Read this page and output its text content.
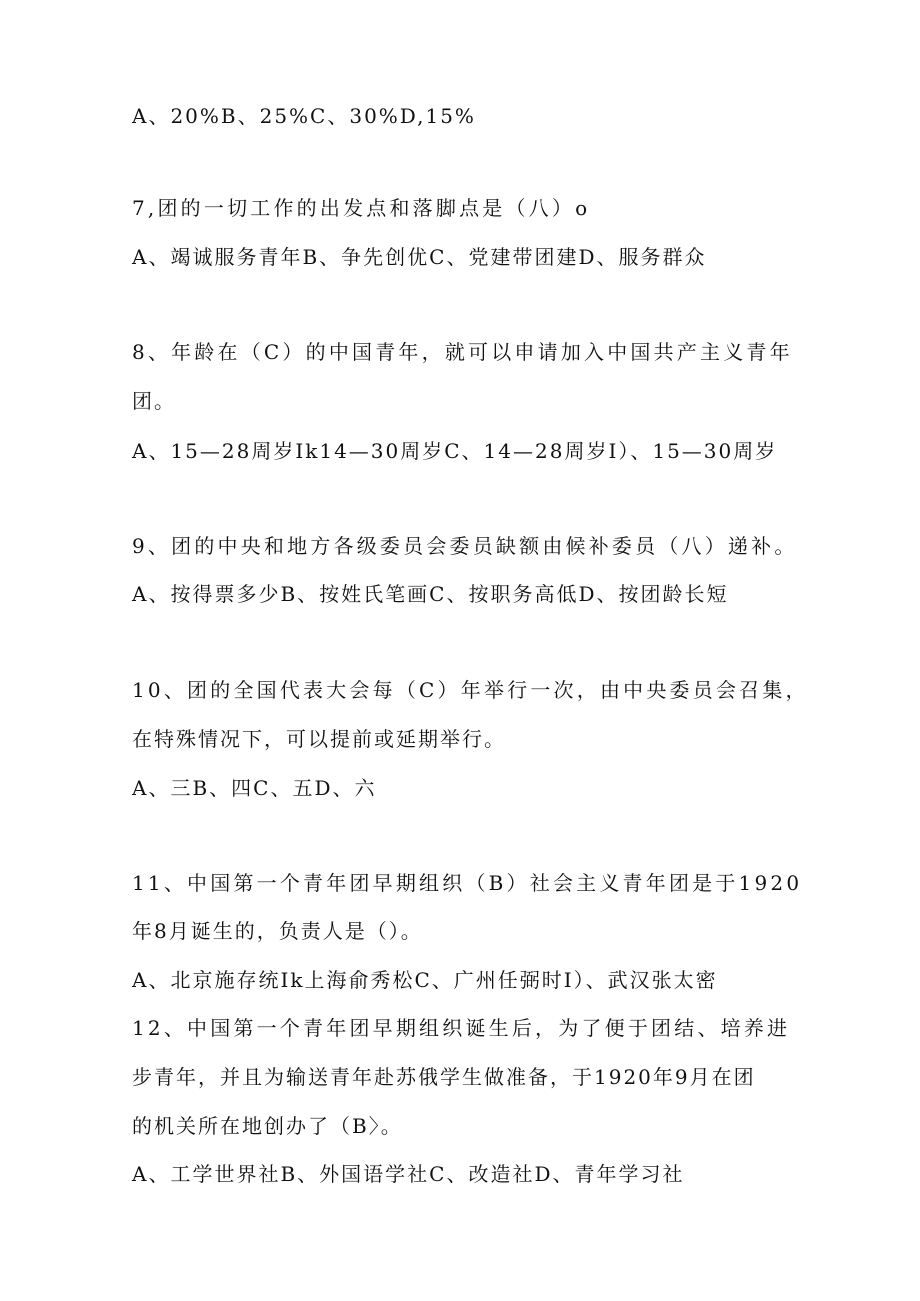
A、20%B、25%C、30%D,15%
7,团的一切工作的出发点和落脚点是（八）o
A、竭诚服务青年B、争先创优C、党建带团建D、服务群众
8、年龄在（C）的中国青年，就可以申请加入中国共产主义青年
团。
A、15—28周岁Ik14—30周岁C、14—28周岁I）、15—30周岁
9、团的中央和地方各级委员会委员缺额由候补委员（八）递补。
A、按得票多少B、按姓氏笔画C、按职务高低D、按团龄长短
10、团的全国代表大会每（C）年举行一次，由中央委员会召集，
在特殊情况下，可以提前或延期举行。
A、三B、四C、五D、六
11、中国第一个青年团早期组织（B）社会主义青年团是于1920
年8月诞生的，负责人是（）。
A、北京施存统Ik上海俞秀松C、广州任弼时I）、武汉张太密
12、中国第一个青年团早期组织诞生后，为了便于团结、培养进
步青年，并且为输送青年赴苏俄学生做准备，于1920年9月在团
的机关所在地创办了（B〉。
A、工学世界社B、外国语学社C、改造社D、青年学习社
